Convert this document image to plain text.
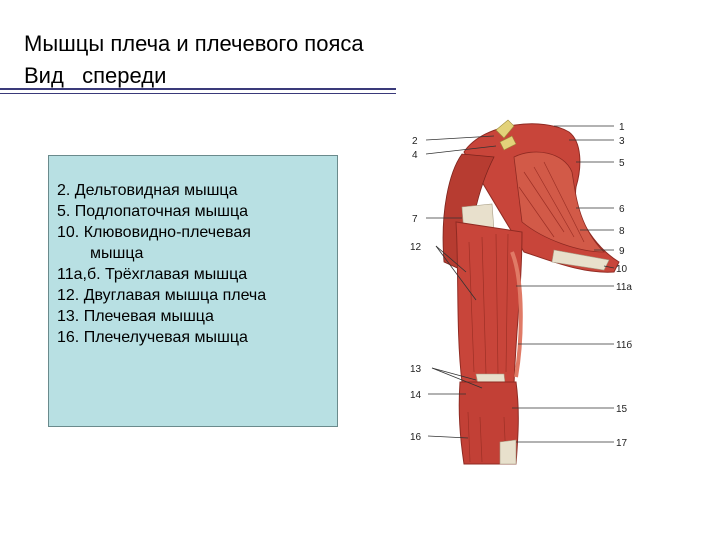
Мышцы плеча и плечевого пояса
Вид   спереди
2. Дельтовидная мышца
5. Подлопаточная мышца
10. Клювовидно-плечевая
мышца
11а,б. Трёхглавая мышца
12. Двуглавая мышца плеча
13. Плечевая мышца
16. Плечелучевая мышца
1
2	3
4
5
6
7
8
12	9
10
11а
11б
13
14
15
16
17
